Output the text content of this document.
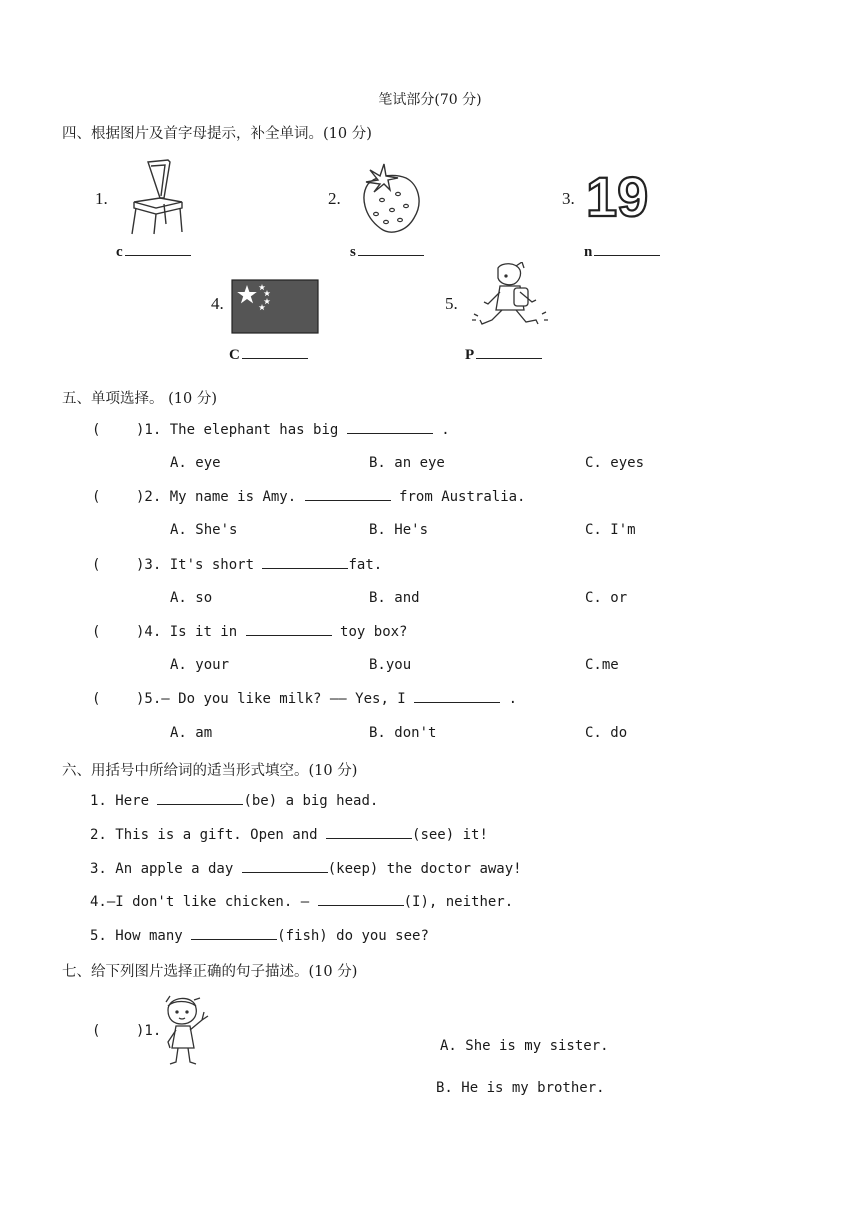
笔试部分(70 分)
四、根据图片及首字母提示，补全单词。(10 分)
1.
c
2.
s
3. 19
n
4.
C
5.
P
五、单项选择。 (10 分)
(	)1. The elephant has big	.
A. eye	B. an eye	C. eyes
(	)2. My name is Amy.	from Australia.
A. She's	B. He's	C. I'm
(	)3. It's short	fat.
A. so	B. and	C. or
(	)4. Is it in	toy box?
A. your	B.you	C.me
(	)5.— Do you like milk? —— Yes, I	.
A. am	B. don't	C. do
六、用括号中所给词的适当形式填空。(10 分)
1. Here	(be) a big head.
2. This is a gift. Open and	(see) it!
3. An apple a day	(keep) the doctor away!
4.—I don't like chicken. —	(I), neither.
5. How many	(fish) do you see?
七、给下列图片选择正确的句子描述。(10 分)
(	)1.
A. She is my sister.
B. He is my brother.
